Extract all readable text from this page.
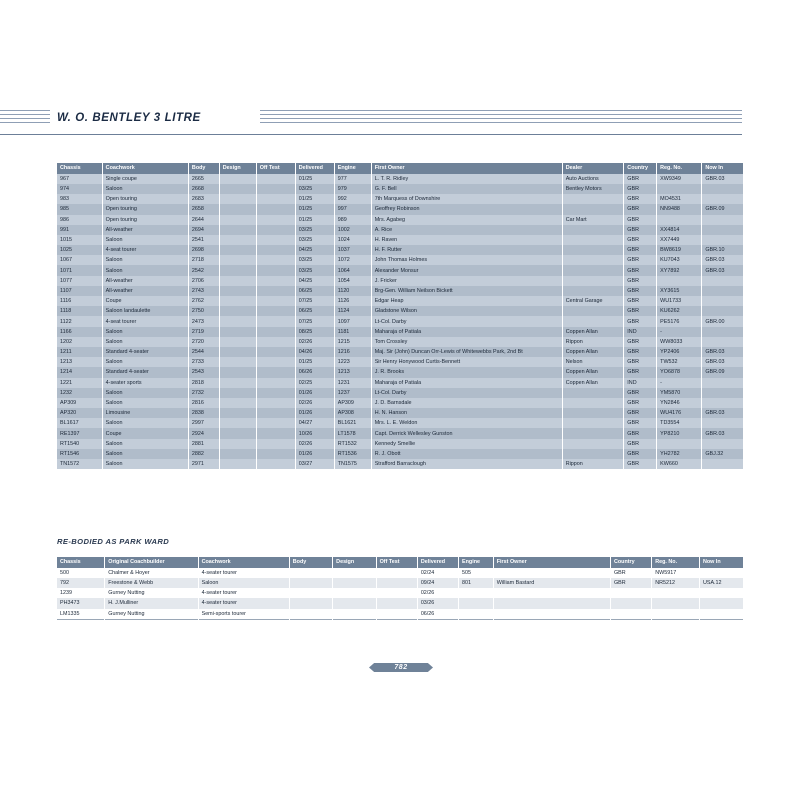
W. O. BENTLEY 3 LITRE
Chassis	Coachwork	Body	Design	Off Test	Delivered	Engine	First Owner	Dealer	Country	Reg. No.	Now In
967	Single coupe	2665			01/25	977	L. T. R. Ridley	Auto Auctions	GBR	XW9349	GBR.03
974	Saloon	2668			03/25	979	G. F. Bell	Bentley Motors	GBR		
983	Open touring	2683			01/25	992	7th Marquess of Downshire		GBR	MO4531	
985	Open touring	2658			01/25	997	Geoffrey Robinson		GBR	NN9488	GBR.09
986	Open touring	2644			01/25	989	Mrs. Agabeg	Car Mart	GBR		
991	All-weather	2694			03/25	1002	A. Rice		GBR	XX4814	
1015	Saloon	2541			03/25	1024	H. Raven		GBR	XX7449	
1025	4-seat tourer	2698			04/25	1037	H. F. Rutter		GBR	BW8619	GBR.10
1067	Saloon	2718			03/25	1072	John Thomas Holmes		GBR	KU7043	GBR.03
1071	Saloon	2542			03/25	1064	Alexander Monsur		GBR	XY7892	GBR.03
1077	All-weather	2706			04/25	1054	J. Fricker		GBR		
1107	All-weather	2743			06/25	1120	Brg-Gen. William Neilson Bickett		GBR	XY3615	
1116	Coupe	2762			07/25	1126	Edgar Heap	Central Garage	GBR	WU1733	
1118	Saloon landaulette	2750			06/25	1124	Gladstone Wilson		GBR	KU6262	
1122	4-seat tourer	2473			07/25	1097	Lt-Col. Darby		GBR	PE5176	GBR.00
1166	Saloon	2719			08/25	1181	Maharaja of Patiala	Coppen Allan	IND	-	
1202	Saloon	2720			02/26	1215	Tom Crossley	Rippon	GBR	WW8033	
1211	Standard 4-seater	2544			04/26	1216	Maj. Sir (John) Duncan Orr-Lewis of Whitewebbs Park, 2nd Bt	Coppen Allan	GBR	YP2406	GBR.03
1213	Saloon	2733			01/25	1223	Sir Henry Honywood Curtis-Bennett	Nelson	GBR	TW532	GBR.03
1214	Standard 4-seater	2543			06/26	1213	J. R. Brooks	Coppen Allan	GBR	YO6878	GBR.09
1221	4-seater sports	2818			02/25	1231	Maharaja of Patiala	Coppen Allan	IND	-	
1232	Saloon	2732			01/26	1237	Lt-Col. Darby		GBR	YM5870	
AP309	Saloon	2816			02/26	AP309	J. D. Barnsdale		GBR	YN2846	
AP320	Limousine	2838			01/26	AP308	H. N. Hanson		GBR	WU4176	GBR.03
BL1617	Saloon	2997			04/27	BL1621	Mrs. L. E. Weldon		GBR	TD3554	
RE1397	Coupe	2924			10/26	LT1578	Capt. Derrick Wellesley Gunston		GBR	YP8210	GBR.03
RT1540	Saloon	2881			02/26	RT1532	Kennedy Smellie		GBR		
RT1546	Saloon	2882			01/26	RT1536	R. J. Obott		GBR	YH2782	GBJ.32
TN1572	Saloon	2971			03/27	TN1575	Strafford Barraclough	Rippon	GBR	KW660	
RE-BODIED AS PARK WARD
Chassis	Original Coachbuilder	Coachwork	Body	Design	Off Test	Delivered	Engine	First Owner	Country	Reg. No.	Now In
500	Chalmer & Hoyer	4-seater tourer				02/24	505		GBR	NW5917	
792	Freestone & Webb	Saloon				09/24	801	William Bastard	GBR	NR5212	USA.12
1239	Gurney Nutting	4-seater tourer				02/26					
PH3473	H. J.Mulliner	4-seater tourer				03/26					
LM1335	Gurney Nutting	Semi-sports tourer				06/26					
782
